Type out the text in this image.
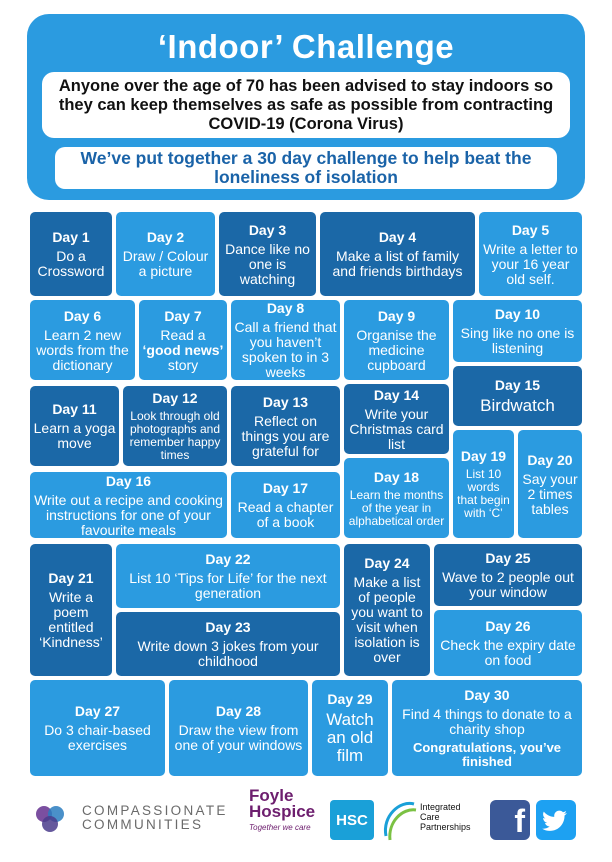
‘Indoor’ Challenge
Anyone over the age of 70 has been advised to stay indoors so they can keep themselves as safe as possible from contracting COVID-19 (Corona Virus)
We’ve put together a 30 day challenge to help beat the loneliness of isolation
Day 1
Do a Crossword
Day 2
Draw / Colour a picture
Day 3
Dance like no one is watching
Day 4
Make a list of family and friends birthdays
Day 5
Write a letter to your 16 year old self.
Day 6
Learn 2 new words from the dictionary
Day 7
Read a
‘good news’ story
Day 8
Call a friend that you haven’t spoken to in 3 weeks
Day 9
Organise the medicine cupboard
Day 10
Sing like no one is listening
Day 11
Learn a yoga move
Day 12
Look through old photographs and remember happy times
Day 13
Reflect on things you are grateful for
Day 14
Write your Christmas card list
Day 15
Birdwatch
Day 16
Write out a recipe and cooking instructions for one of your favourite meals
Day 17
Read a chapter of a book
Day 18
Learn the months of the year in alphabetical order
Day 19
List 10 words that begin with ‘C’
Day 20
Say your 2 times tables
Day 21
Write a poem entitled ‘Kindness’
Day 22
List 10 ‘Tips for Life’ for the next generation
Day 23
Write down 3 jokes from your childhood
Day 24
Make a list of people you want to visit when isolation is over
Day 25
Wave to 2 people out your window
Day 26
Check the expiry date on food
Day 27
Do 3 chair-based exercises
Day 28
Draw the view from one of your windows
Day 29
Watch an old film
Day 30
Find 4 things to donate to a charity shop
Congratulations, you’ve finished
COMPASSIONATE
COMMUNITIES
Foyle
Hospice
Together we care	HSC
Integrated
Care
Partnerships	f
